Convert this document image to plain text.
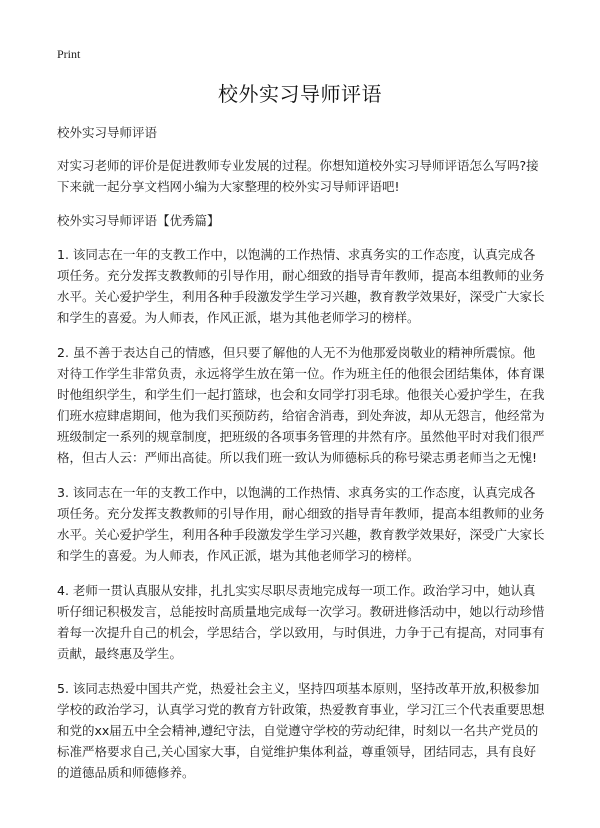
Print
校外实习导师评语

校外实习导师评语

对实习老师的评价是促进教师专业发展的过程。你想知道校外实习导师评语怎么写吗?接下来就一起分享文档网小编为大家整理的校外实习导师评语吧!

校外实习导师评语【优秀篇】

1. 该同志在一年的支教工作中，以饱满的工作热情、求真务实的工作态度，认真完成各项任务。充分发挥支教教师的引导作用，耐心细致的指导青年教师，提高本组教师的业务水平。关心爱护学生，利用各种手段激发学生学习兴趣，教育教学效果好，深受广大家长和学生的喜爱。为人师表，作风正派，堪为其他老师学习的榜样。

2. 虽不善于表达自己的情感，但只要了解他的人无不为他那爱岗敬业的精神所震惊。他对待工作学生非常负责，永远将学生放在第一位。作为班主任的他很会团结集体，体育课时他组织学生，和学生们一起打篮球，也会和女同学打羽毛球。他很关心爱护学生，在我们班水痘肆虐期间，他为我们买预防药，给宿舍消毒，到处奔波，却从无怨言，他经常为班级制定一系列的规章制度，把班级的各项事务管理的井然有序。虽然他平时对我们很严格，但古人云：严师出高徒。所以我们班一致认为师德标兵的称号梁志勇老师当之无愧!

3. 该同志在一年的支教工作中，以饱满的工作热情、求真务实的工作态度，认真完成各项任务。充分发挥支教教师的引导作用，耐心细致的指导青年教师，提高本组教师的业务水平。关心爱护学生，利用各种手段激发学生学习兴趣，教育教学效果好，深受广大家长和学生的喜爱。为人师表，作风正派，堪为其他老师学习的榜样。

4. 老师一贯认真服从安排，扎扎实实尽职尽责地完成每一项工作。政治学习中，她认真听仔细记积极发言，总能按时高质量地完成每一次学习。教研进修活动中，她以行动珍惜着每一次提升自己的机会，学思结合，学以致用，与时俱进，力争于己有提高，对同事有贡献，最终惠及学生。

5. 该同志热爱中国共产党，热爱社会主义，坚持四项基本原则，坚持改革开放,积极参加学校的政治学习，认真学习党的教育方针政策，热爱教育事业，学习江三个代表重要思想和党的xx届五中全会精神,遵纪守法，自觉遵守学校的劳动纪律，时刻以一名共产党员的标准严格要求自己,关心国家大事，自觉维护集体利益，尊重领导，团结同志，具有良好的道德品质和师德修养。
